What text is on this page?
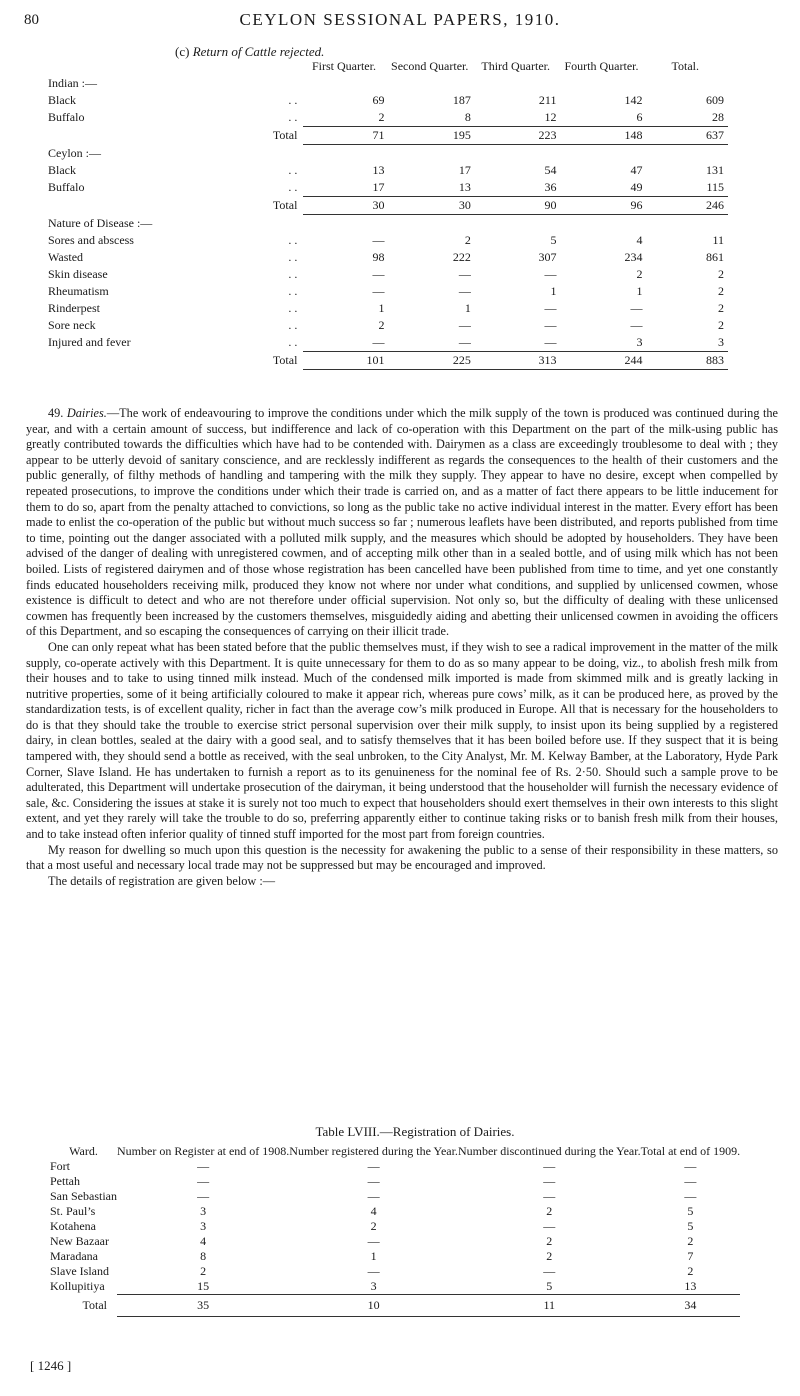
80	CEYLON SESSIONAL PAPERS, 1910.
(c) Return of Cattle rejected.
		First Quarter.	Second Quarter.	Third Quarter.	Fourth Quarter.	Total.
Indian :—						
Black	. .	69	187	211	142	609
Buffalo	. .	2	8	12	6	28
	Total	71	195	223	148	637
Ceylon :—						
Black	. .	13	17	54	47	131
Buffalo	. .	17	13	36	49	115
	Total	30	30	90	96	246
Nature of Disease :—						
Sores and abscess	. .	—	2	5	4	11
Wasted	. .	98	222	307	234	861
Skin disease	. .	—	—	—	2	2
Rheumatism	. .	—	—	1	1	2
Rinderpest	. .	1	1	—	—	2
Sore neck	. .	2	—	—	—	2
Injured and fever	. .	—	—	—	3	3
	Total	101	225	313	244	883

49. Dairies.—The work of endeavouring to improve the conditions under which the milk supply of the town is produced was continued during the year, and with a certain amount of success, but indifference and lack of co-operation with this Department on the part of the milk-using public has greatly contributed towards the difficulties which have had to be contended with. Dairymen as a class are exceedingly troublesome to deal with ; they appear to be utterly devoid of sanitary conscience, and are recklessly indifferent as regards the consequences to the health of their customers and the public generally, of filthy methods of handling and tampering with the milk they supply. They appear to have no desire, except when compelled by repeated prosecutions, to improve the conditions under which their trade is carried on, and as a matter of fact there appears to be little inducement for them to do so, apart from the penalty attached to convictions, so long as the public take no active individual interest in the matter. Every effort has been made to enlist the co-operation of the public but without much success so far ; numerous leaflets have been distributed, and reports published from time to time, pointing out the danger associated with a polluted milk supply, and the measures which should be adopted by householders. They have been advised of the danger of dealing with unregistered cowmen, and of accepting milk other than in a sealed bottle, and of using milk which has not been boiled. Lists of registered dairymen and of those whose registration has been cancelled have been published from time to time, and yet one constantly finds educated householders receiving milk, produced they know not where nor under what conditions, and supplied by unlicensed cowmen, whose existence is difficult to detect and who are not therefore under official supervision. Not only so, but the difficulty of dealing with these unlicensed cowmen has frequently been increased by the customers themselves, misguidedly aiding and abetting their unlicensed cowmen in avoiding the officers of this Department, and so escaping the consequences of carrying on their illicit trade.

One can only repeat what has been stated before that the public themselves must, if they wish to see a radical improvement in the matter of the milk supply, co-operate actively with this Department. It is quite unnecessary for them to do as so many appear to be doing, viz., to abolish fresh milk from their houses and to take to using tinned milk instead. Much of the condensed milk imported is made from skimmed milk and is greatly lacking in nutritive properties, some of it being artificially coloured to make it appear rich, whereas pure cows’ milk, as it can be produced here, as proved by the standardization tests, is of excellent quality, richer in fact than the average cow’s milk produced in Europe. All that is necessary for the householders to do is that they should take the trouble to exercise strict personal supervision over their milk supply, to insist upon its being supplied by a registered dairy, in clean bottles, sealed at the dairy with a good seal, and to satisfy themselves that it has been boiled before use. If they suspect that it is being tampered with, they should send a bottle as received, with the seal unbroken, to the City Analyst, Mr. M. Kelway Bamber, at the Laboratory, Hyde Park Corner, Slave Island. He has undertaken to furnish a report as to its genuineness for the nominal fee of Rs. 2·50. Should such a sample prove to be adulterated, this Department will undertake prosecution of the dairyman, it being understood that the householder will furnish the necessary evidence of sale, &c. Considering the issues at stake it is surely not too much to expect that householders should exert themselves in their own interests to this slight extent, and yet they rarely will take the trouble to do so, preferring apparently either to continue taking risks or to banish fresh milk from their houses, and to take instead often inferior quality of tinned stuff imported for the most part from foreign countries.

My reason for dwelling so much upon this question is the necessity for awakening the public to a sense of their responsibility in these matters, so that a most useful and necessary local trade may not be suppressed but may be encouraged and improved.

The details of registration are given below :—

Table LVIII.—Registration of Dairies.
Ward.	Number on Register at end of 1908.	Number registered during the Year.	Number discontinued during the Year.	Total at end of 1909.

Fort	—	—	—	—
Pettah	—	—	—	—
San Sebastian	—	—	—	—
St. Paul’s	3	4	2	5
Kotahena	3	2	—	5
New Bazaar	4	—	2	2
Maradana	8	1	2	7
Slave Island	2	—	—	2
Kollupitiya	15	3	5	13
Total	35	10	11	34
[ 1246 ]
